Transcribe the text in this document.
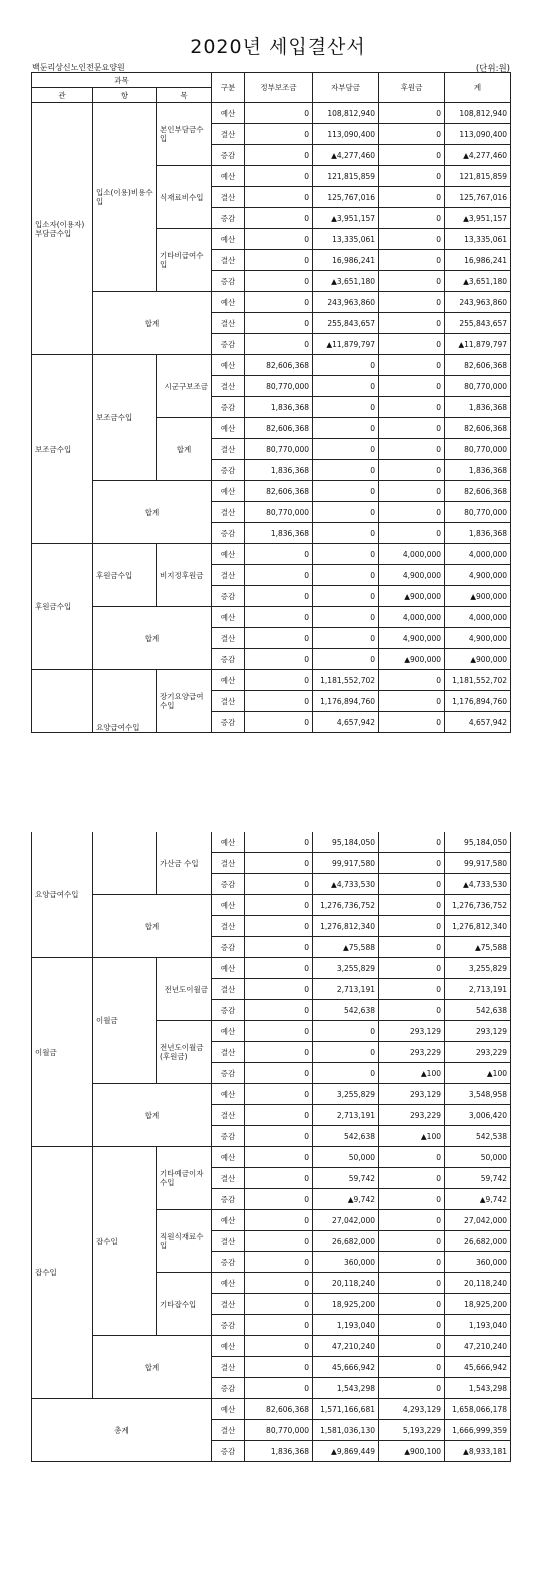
2020년 세입결산서
백둔리상신노인전문요양원	(단위:원)
과목			구분	정부보조금	자부담금	후원금	계
관	항	목					
입소자(이용자)부담금수입	입소(이용)비용수입	본인부담금수입	예산	0	108,812,940	0	108,812,940
			결산	0	113,090,400	0	113,090,400
			증감	0	▲4,277,460	0	▲4,277,460
		식재료비수입	예산	0	121,815,859	0	121,815,859
			결산	0	125,767,016	0	125,767,016
			증감	0	▲3,951,157	0	▲3,951,157
		기타비급여수입	예산	0	13,335,061	0	13,335,061
			결산	0	16,986,241	0	16,986,241
			증감	0	▲3,651,180	0	▲3,651,180
	합계		예산	0	243,963,860	0	243,963,860
			결산	0	255,843,657	0	255,843,657
			증감	0	▲11,879,797	0	▲11,879,797
보조금수입	보조금수입	시군구보조금	예산	82,606,368	0	0	82,606,368
			결산	80,770,000	0	0	80,770,000
			증감	1,836,368	0	0	1,836,368
		합계	예산	82,606,368	0	0	82,606,368
			결산	80,770,000	0	0	80,770,000
			증감	1,836,368	0	0	1,836,368
	합계		예산	82,606,368	0	0	82,606,368
			결산	80,770,000	0	0	80,770,000
			증감	1,836,368	0	0	1,836,368
후원금수입	후원금수입	비지정후원금	예산	0	0	4,000,000	4,000,000
			결산	0	0	4,900,000	4,900,000
			증감	0	0	▲900,000	▲900,000
	합계		예산	0	0	4,000,000	4,000,000
			결산	0	0	4,900,000	4,900,000
			증감	0	0	▲900,000	▲900,000
	요양급여수입	장기요양급여수입	예산	0	1,181,552,702	0	1,181,552,702
			결산	0	1,176,894,760	0	1,176,894,760
			증감	0	4,657,942	0	4,657,942
요양급여수입		가산금 수입	예산	0	95,184,050	0	95,184,050
			결산	0	99,917,580	0	99,917,580
			증감	0	▲4,733,530	0	▲4,733,530
	합계		예산	0	1,276,736,752	0	1,276,736,752
			결산	0	1,276,812,340	0	1,276,812,340
			증감	0	▲75,588	0	▲75,588
이월금	이월금	전년도이월금	예산	0	3,255,829	0	3,255,829
			결산	0	2,713,191	0	2,713,191
			증감	0	542,638	0	542,638
		전년도이월금(후원금)	예산	0	0	293,129	293,129
			결산	0	0	293,229	293,229
			증감	0	0	▲100	▲100
	합계		예산	0	3,255,829	293,129	3,548,958
			결산	0	2,713,191	293,229	3,006,420
			증감	0	542,638	▲100	542,538
잡수입	잡수입	기타예금이자수입	예산	0	50,000	0	50,000
			결산	0	59,742	0	59,742
			증감	0	▲9,742	0	▲9,742
		직원식재료수입	예산	0	27,042,000	0	27,042,000
			결산	0	26,682,000	0	26,682,000
			증감	0	360,000	0	360,000
		기타잡수입	예산	0	20,118,240	0	20,118,240
			결산	0	18,925,200	0	18,925,200
			증감	0	1,193,040	0	1,193,040
	합계		예산	0	47,210,240	0	47,210,240
			결산	0	45,666,942	0	45,666,942
			증감	0	1,543,298	0	1,543,298
총계			예산	82,606,368	1,571,166,681	4,293,129	1,658,066,178
			결산	80,770,000	1,581,036,130	5,193,229	1,666,999,359
			증감	1,836,368	▲9,869,449	▲900,100	▲8,933,181
